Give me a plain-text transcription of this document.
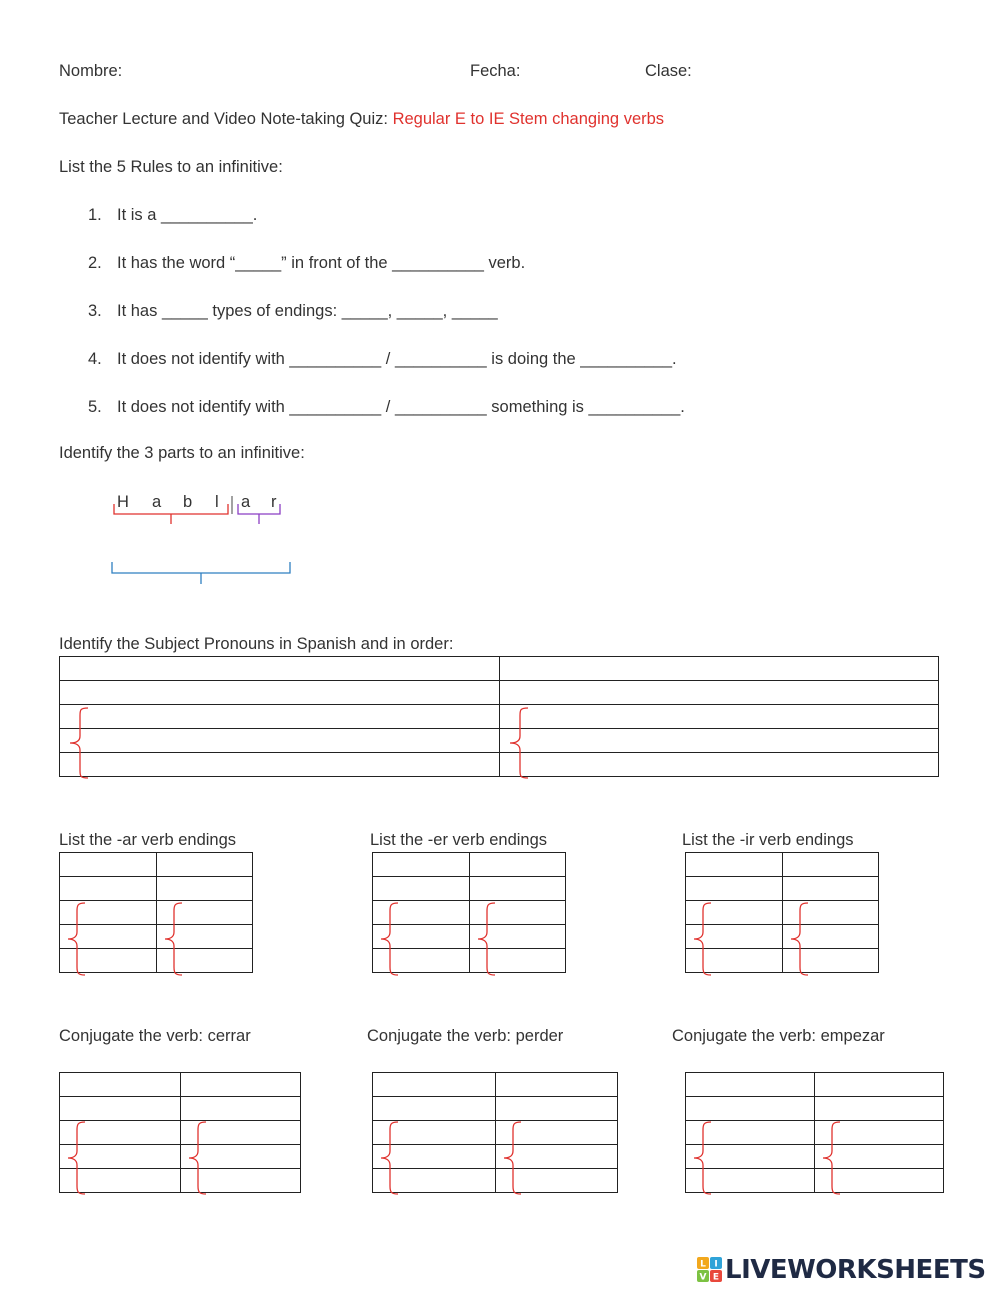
Nombre:	Fecha:	Clase:
Teacher Lecture and Video Note-taking Quiz: Regular E to IE Stem changing verbs
List the 5 Rules to an infinitive:
1. It is a __________.
2. It has the word “_____” in front of the __________ verb.
3. It has _____ types of endings: _____, _____, _____
4. It does not identify with __________ / __________ is doing the __________.
5. It does not identify with __________ / __________ something is __________.
Identify the 3 parts to an infinitive:
H a b l a r
Identify the Subject Pronouns in Spanish and in order:

List the -ar verb endings	List the -er verb endings	List the -ir verb endings

Conjugate the verb: cerrar	Conjugate the verb: perder	Conjugate the verb: empezar

L I
V E LIVEWORKSHEETS
